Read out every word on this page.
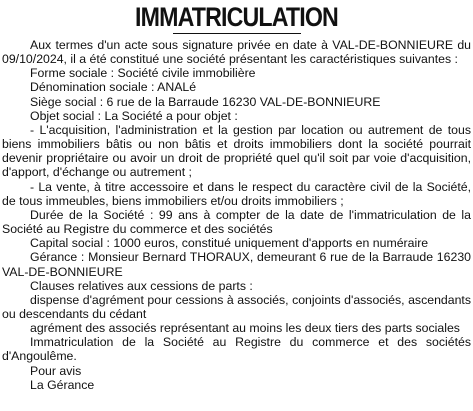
IMMATRICULATION

Aux termes d'un acte sous signature privée en date à VAL-DE-BONNIEURE du 09/10/2024, il a été constitué une société présentant les caractéristiques suivantes :

Forme sociale : Société civile immobilière

Dénomination sociale : ANALé

Siège social : 6 rue de la Barraude 16230 VAL-DE-BONNIEURE

Objet social : La Société a pour objet :

- L'acquisition, l'administration et la gestion par location ou autrement de tous biens immobiliers bâtis ou non bâtis et droits immobiliers dont la société pourrait devenir propriétaire ou avoir un droit de propriété quel qu'il soit par voie d'acquisition, d'apport, d'échange ou autrement ;

- La vente, à titre accessoire et dans le respect du caractère civil de la Société, de tous immeubles, biens immobiliers et/ou droits immobiliers ;

Durée de la Société : 99 ans à compter de la date de l'immatriculation de la Société au Registre du commerce et des sociétés

Capital social : 1000 euros, constitué uniquement d'apports en numéraire

Gérance : Monsieur Bernard THORAUX, demeurant 6 rue de la Barraude 16230 VAL-DE-BONNIEURE

Clauses relatives aux cessions de parts :

dispense d'agrément pour cessions à associés, conjoints d'associés, ascendants ou descendants du cédant

agrément des associés représentant au moins les deux tiers des parts sociales

Immatriculation de la Société au Registre du commerce et des sociétés d'Angoulême.

Pour avis

La Gérance
